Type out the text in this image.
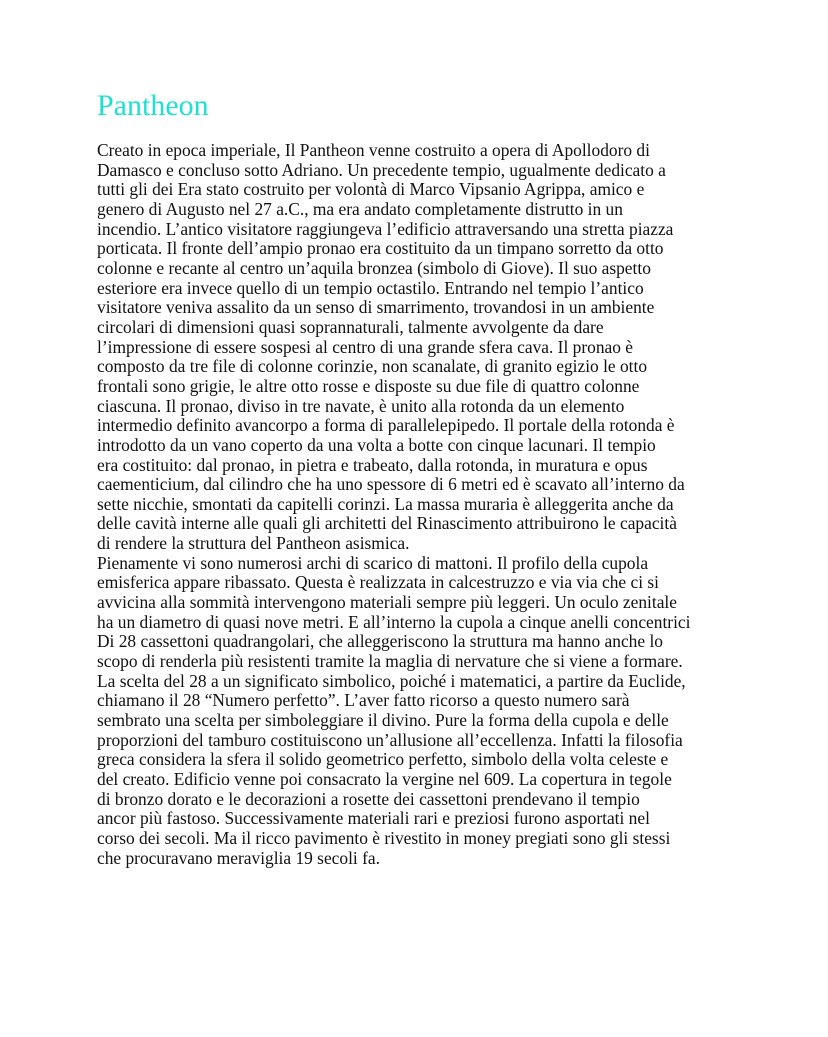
Pantheon
Creato in epoca imperiale, Il Pantheon venne costruito a opera di Apollodoro di
Damasco e concluso sotto Adriano. Un precedente tempio, ugualmente dedicato a
tutti gli dei Era stato costruito per volontà di Marco Vipsanio Agrippa, amico e
genero di Augusto nel 27 a.C., ma era andato completamente distrutto in un
incendio. L’antico visitatore raggiungeva l’edificio attraversando una stretta piazza
porticata. Il fronte dell’ampio pronao era costituito da un timpano sorretto da otto
colonne e recante al centro un’aquila bronzea (simbolo di Giove). Il suo aspetto
esteriore era invece quello di un tempio octastilo. Entrando nel tempio l’antico
visitatore veniva assalito da un senso di smarrimento, trovandosi in un ambiente
circolari di dimensioni quasi soprannaturali, talmente avvolgente da dare
l’impressione di essere sospesi al centro di una grande sfera cava. Il pronao è
composto da tre file di colonne corinzie, non scanalate, di granito egizio le otto
frontali sono grigie, le altre otto rosse e disposte su due file di quattro colonne
ciascuna. Il pronao, diviso in tre navate, è unito alla rotonda da un elemento
intermedio definito avancorpo a forma di parallelepipedo. Il portale della rotonda è
introdotto da un vano coperto da una volta a botte con cinque lacunari. Il tempio
era costituito: dal pronao, in pietra e trabeato, dalla rotonda, in muratura e opus
caementicium, dal cilindro che ha uno spessore di 6 metri ed è scavato all’interno da
sette nicchie, smontati da capitelli corinzi. La massa muraria è alleggerita anche da
delle cavità interne alle quali gli architetti del Rinascimento attribuirono le capacità
di rendere la struttura del Pantheon asismica.
Pienamente vi sono numerosi archi di scarico di mattoni. Il profilo della cupola
emisferica appare ribassato. Questa è realizzata in calcestruzzo e via via che ci si
avvicina alla sommità intervengono materiali sempre più leggeri. Un oculo zenitale
ha un diametro di quasi nove metri. E all’interno la cupola a cinque anelli concentrici
Di 28 cassettoni quadrangolari, che alleggeriscono la struttura ma hanno anche lo
scopo di renderla più resistenti tramite la maglia di nervature che si viene a formare.
La scelta del 28 a un significato simbolico, poiché i matematici, a partire da Euclide,
chiamano il 28 “Numero perfetto”. L’aver fatto ricorso a questo numero sarà
sembrato una scelta per simboleggiare il divino. Pure la forma della cupola e delle
proporzioni del tamburo costituiscono un’allusione all’eccellenza. Infatti la filosofia
greca considera la sfera il solido geometrico perfetto, simbolo della volta celeste e
del creato. Edificio venne poi consacrato la vergine nel 609. La copertura in tegole
di bronzo dorato e le decorazioni a rosette dei cassettoni prendevano il tempio
ancor più fastoso. Successivamente materiali rari e preziosi furono asportati nel
corso dei secoli. Ma il ricco pavimento è rivestito in money pregiati sono gli stessi
che procuravano meraviglia 19 secoli fa.
